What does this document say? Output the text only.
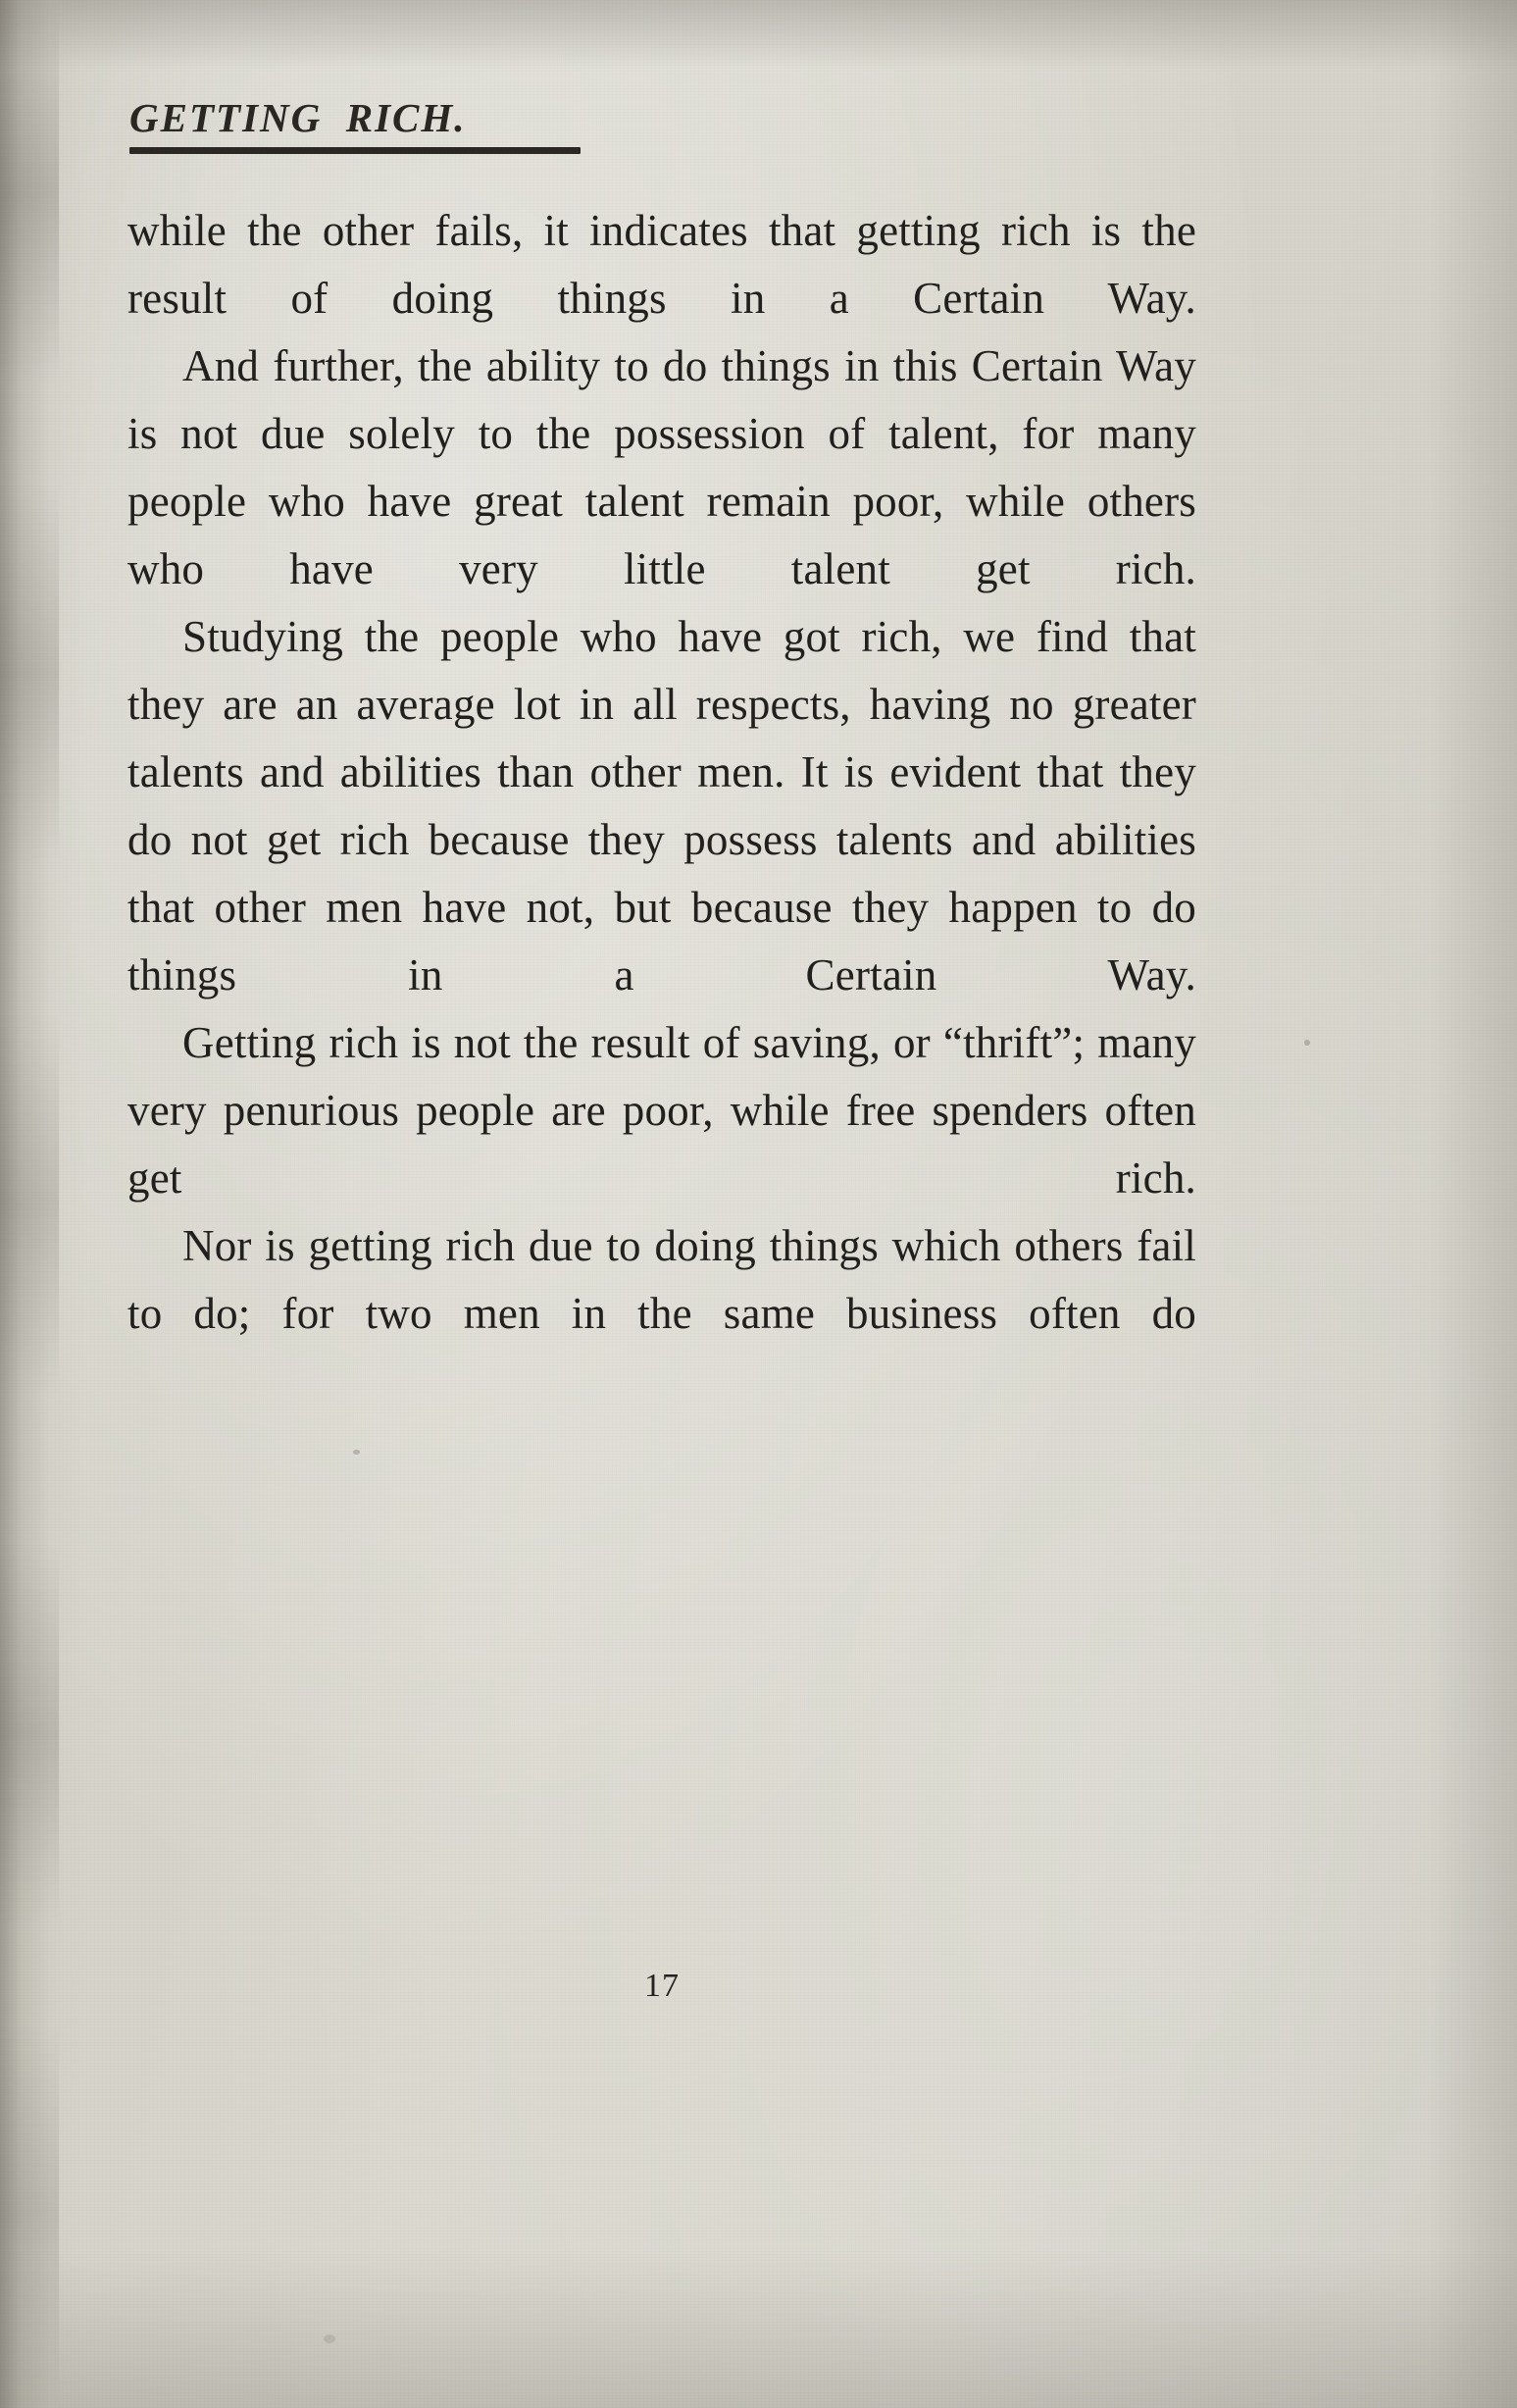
GETTING  RICH.

while the other fails, it indicates that getting rich is the result of doing things in a Certain Way.

And further, the ability to do things in this Certain Way is not due solely to the possession of talent, for many people who have great talent remain poor, while others who have very little talent get rich.

Studying the people who have got rich, we find that they are an average lot in all respects, having no greater talents and abilities than other men. It is evident that they do not get rich because they possess talents and abilities that other men have not, but because they happen to do things in a Certain Way.

Getting rich is not the result of saving, or “thrift”; many very penurious people are poor, while free spenders often get rich.

Nor is getting rich due to doing things which others fail to do; for two men in the same business often do

17
